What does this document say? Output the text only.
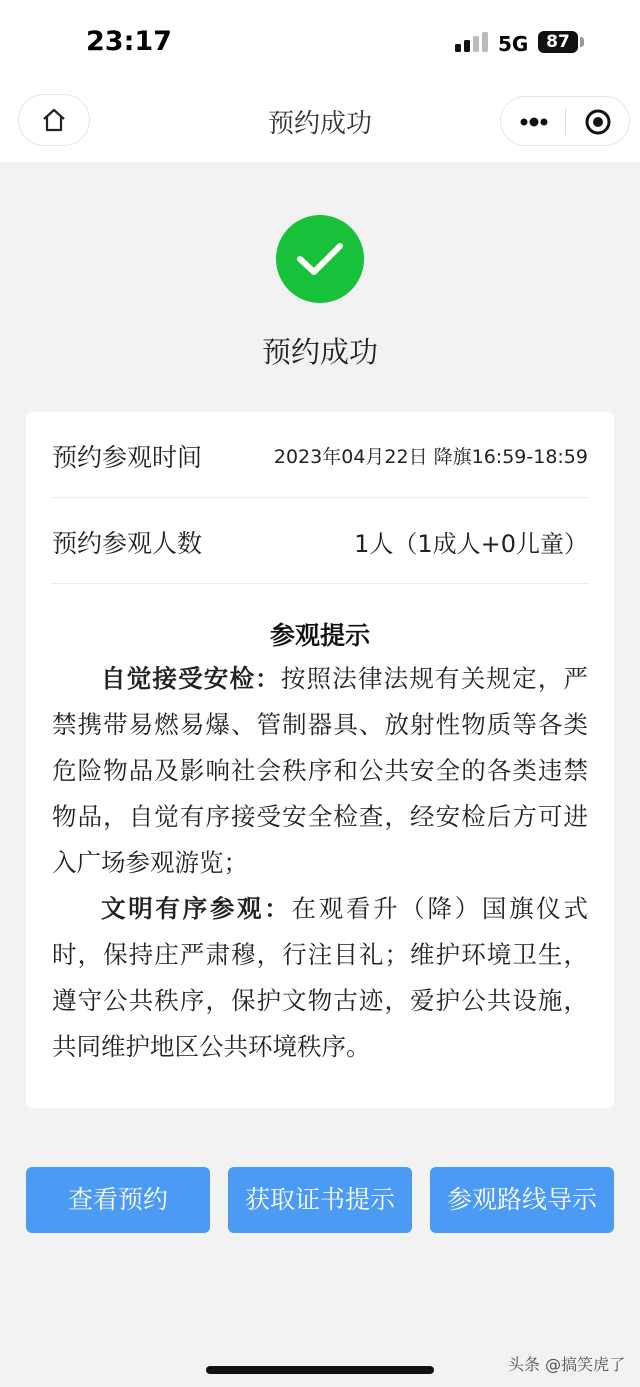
23:17	5G	87
预约成功
预约成功
预约参观时间	2023年04月22日 降旗16:59-18:59
预约参观人数	1人（1成人+0儿童）
参观提示

自觉接受安检：按照法律法规有关规定，严禁携带易燃易爆、管制器具、放射性物质等各类危险物品及影响社会秩序和公共安全的各类违禁物品，自觉有序接受安全检查，经安检后方可进入广场参观游览；

文明有序参观：在观看升（降）国旗仪式时，保持庄严肃穆，行注目礼；维护环境卫生，遵守公共秩序，保护文物古迹，爱护公共设施，共同维护地区公共环境秩序。

查看预约	获取证书提示	参观路线导示
头条 @搞笑虎了
